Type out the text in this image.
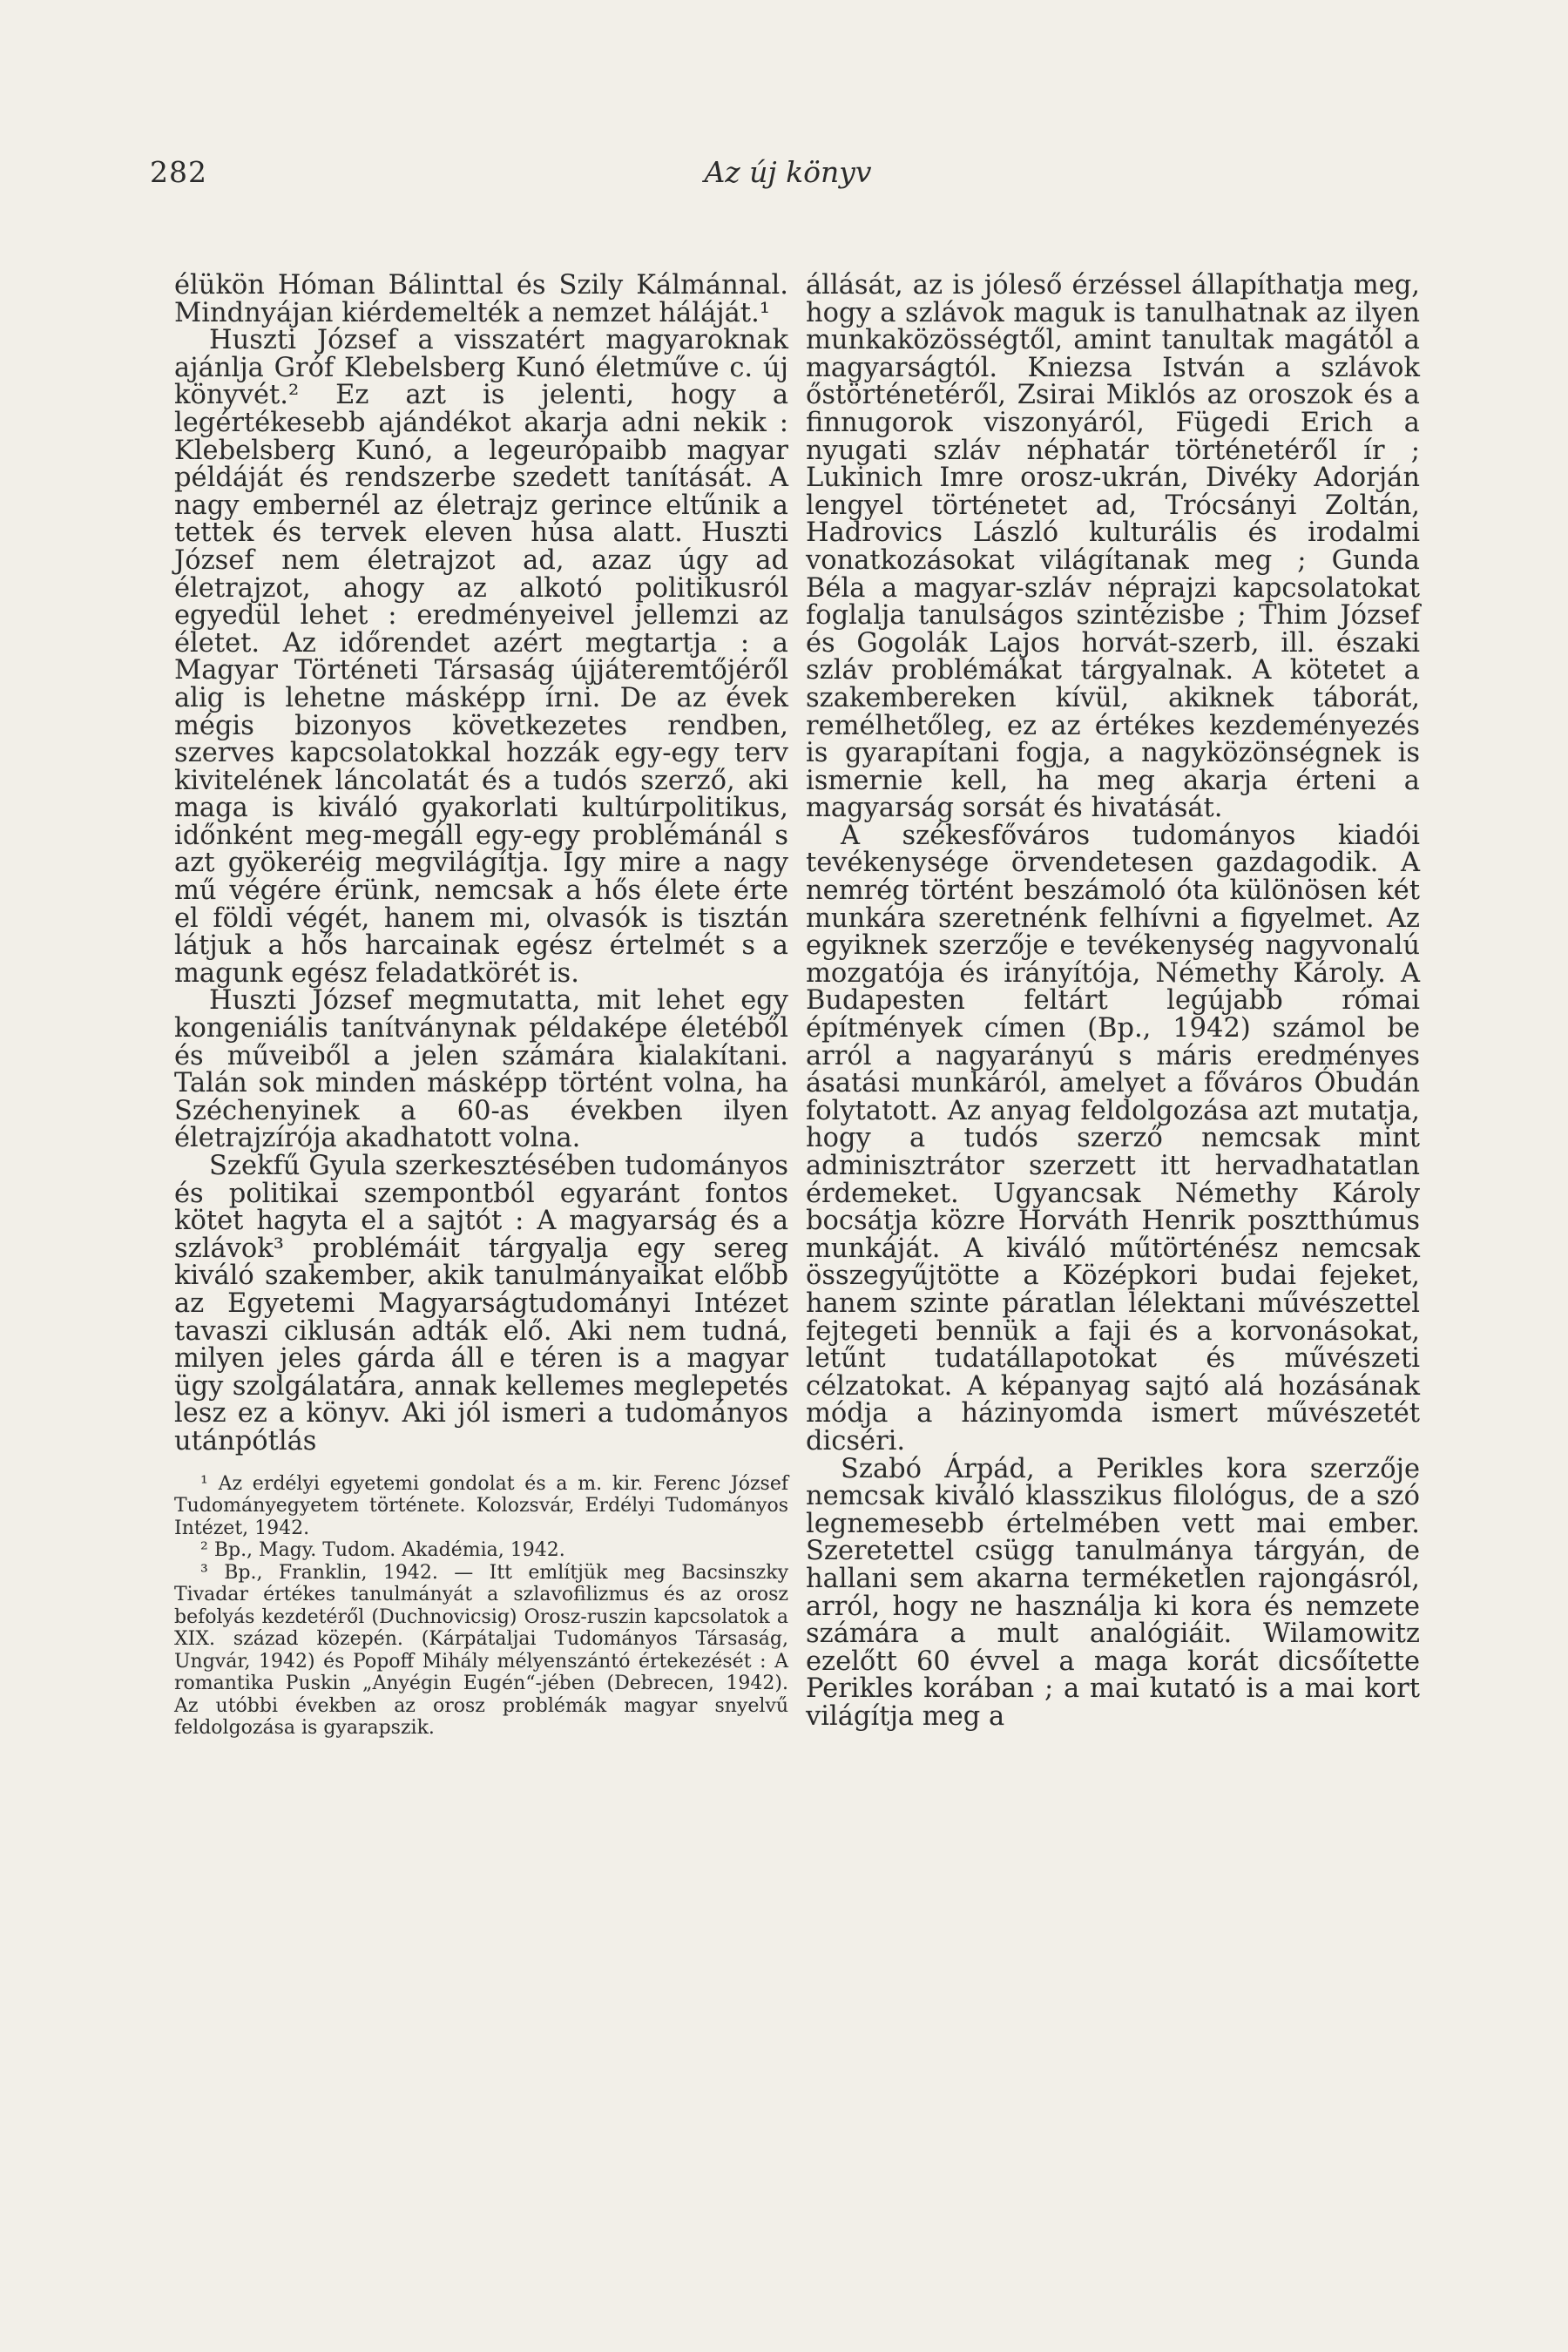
282	Az új könyv

élükön Hóman Bálinttal és Szily Kálmánnal. Mindnyájan kiérdemelték a nemzet háláját.¹

Huszti József a visszatért magyaroknak ajánlja Gróf Klebelsberg Kunó életműve c. új könyvét.² Ez azt is jelenti, hogy a legértékesebb ajándékot akarja adni nekik : Klebelsberg Kunó, a legeurópaibb magyar példáját és rendszerbe szedett tanítását. A nagy embernél az életrajz gerince eltűnik a tettek és tervek eleven húsa alatt. Huszti József nem életrajzot ad, azaz úgy ad életrajzot, ahogy az alkotó politikusról egyedül lehet : eredményeivel jellemzi az életet. Az időrendet azért megtartja : a Magyar Történeti Társaság újjáteremtőjéről alig is lehetne másképp írni. De az évek mégis bizonyos következetes rendben, szerves kapcsolatokkal hozzák egy-egy terv kivitelének láncolatát és a tudós szerző, aki maga is kiváló gyakorlati kultúrpolitikus, időnként meg-megáll egy-egy problémánál s azt gyökeréig megvilágítja. Így mire a nagy mű végére érünk, nemcsak a hős élete érte el földi végét, hanem mi, olvasók is tisztán látjuk a hős harcainak egész értelmét s a magunk egész feladatkörét is.

Huszti József megmutatta, mit lehet egy kongeniális tanítványnak példaképe életéből és műveiből a jelen számára kialakítani. Talán sok minden másképp történt volna, ha Széchenyinek a 60-as években ilyen életrajzírója akadhatott volna.

Szekfű Gyula szerkesztésében tudományos és politikai szempontból egyaránt fontos kötet hagyta el a sajtót : A magyarság és a szlávok³ problémáit tárgyalja egy sereg kiváló szakember, akik tanulmányaikat előbb az Egyetemi Magyarságtudományi Intézet tavaszi ciklusán adták elő. Aki nem tudná, milyen jeles gárda áll e téren is a magyar ügy szolgálatára, annak kellemes meglepetés lesz ez a könyv. Aki jól ismeri a tudományos utánpótlás

¹ Az erdélyi egyetemi gondolat és a m. kir. Ferenc József Tudományegyetem története. Kolozsvár, Erdélyi Tudományos Intézet, 1942.

² Bp., Magy. Tudom. Akadémia, 1942.

³ Bp., Franklin, 1942. — Itt említjük meg Bacsinszky Tivadar értékes tanulmányát a szlavofilizmus és az orosz befolyás kezdetéről (Duchnovicsig) Orosz-ruszin kapcsolatok a XIX. század közepén. (Kárpátaljai Tudományos Társaság, Ungvár, 1942) és Popoff Mihály mélyenszántó értekezését : A romantika Puskin „Anyégin Eugén“-jében (Debrecen, 1942). Az utóbbi években az orosz problémák magyar snyelvű feldolgozása is gyarapszik.

állását, az is jóleső érzéssel állapíthatja meg, hogy a szlávok maguk is tanulhatnak az ilyen munkaközösségtől, amint tanultak magától a magyarságtól. Kniezsa István a szlávok őstörténetéről, Zsirai Miklós az oroszok és a finnugorok viszonyáról, Fügedi Erich a nyugati szláv néphatár történetéről ír ; Lukinich Imre orosz-ukrán, Divéky Adorján lengyel történetet ad, Trócsányi Zoltán, Hadrovics László kulturális és irodalmi vonatkozásokat világítanak meg ; Gunda Béla a magyar-szláv néprajzi kapcsolatokat foglalja tanulságos szintézisbe ; Thim József és Gogolák Lajos horvát-szerb, ill. északi szláv problémákat tárgyalnak. A kötetet a szakembereken kívül, akiknek táborát, remélhetőleg, ez az értékes kezdeményezés is gyarapítani fogja, a nagyközönségnek is ismernie kell, ha meg akarja érteni a magyarság sorsát és hivatását.

A székesfőváros tudományos kiadói tevékenysége örvendetesen gazdagodik. A nemrég történt beszámoló óta különösen két munkára szeretnénk felhívni a figyelmet. Az egyiknek szerzője e tevékenység nagyvonalú mozgatója és irányítója, Némethy Károly. A Budapesten feltárt legújabb római építmények címen (Bp., 1942) számol be arról a nagyarányú s máris eredményes ásatási munkáról, amelyet a főváros Óbudán folytatott. Az anyag feldolgozása azt mutatja, hogy a tudós szerző nemcsak mint adminisztrátor szerzett itt hervadhatatlan érdemeket. Ugyancsak Némethy Károly bocsátja közre Horváth Henrik posztthúmus munkáját. A kiváló műtörténész nemcsak összegyűjtötte a Középkori budai fejeket, hanem szinte páratlan lélektani művészettel fejtegeti bennük a faji és a korvonásokat, letűnt tudatállapotokat és művészeti célzatokat. A képanyag sajtó alá hozásának módja a házinyomda ismert művészetét dicséri.

Szabó Árpád, a Perikles kora szerzője nemcsak kiváló klasszikus filológus, de a szó legnemesebb értelmében vett mai ember. Szeretettel csügg tanulmánya tárgyán, de hallani sem akarna terméketlen rajongásról, arról, hogy ne használja ki kora és nemzete számára a mult analógiáit. Wilamowitz ezelőtt 60 évvel a maga korát dicsőítette Perikles korában ; a mai kutató is a mai kort világítja meg a
